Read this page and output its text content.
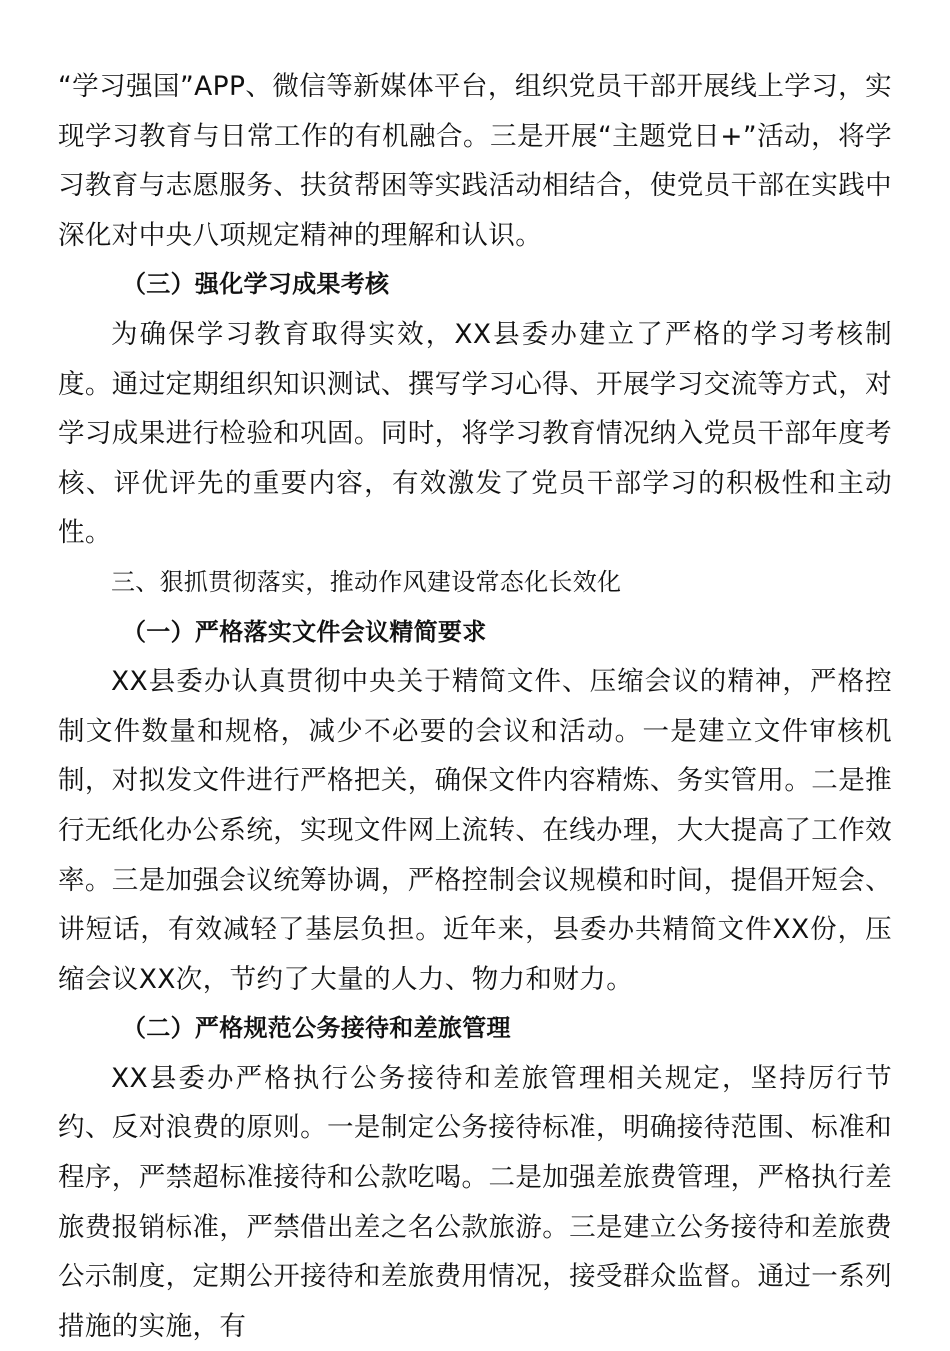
“学习强国”APP、微信等新媒体平台，组织党员干部开展线上学习，实现学习教育与日常工作的有机融合。三是开展“主题党日+”活动，将学习教育与志愿服务、扶贫帮困等实践活动相结合，使党员干部在实践中深化对中央八项规定精神的理解和认识。

（三）强化学习成果考核

为确保学习教育取得实效，XX县委办建立了严格的学习考核制度。通过定期组织知识测试、撰写学习心得、开展学习交流等方式，对学习成果进行检验和巩固。同时，将学习教育情况纳入党员干部年度考核、评优评先的重要内容，有效激发了党员干部学习的积极性和主动性。

三、狠抓贯彻落实，推动作风建设常态化长效化

（一）严格落实文件会议精简要求

XX县委办认真贯彻中央关于精简文件、压缩会议的精神，严格控制文件数量和规格，减少不必要的会议和活动。一是建立文件审核机制，对拟发文件进行严格把关，确保文件内容精炼、务实管用。二是推行无纸化办公系统，实现文件网上流转、在线办理，大大提高了工作效率。三是加强会议统筹协调，严格控制会议规模和时间，提倡开短会、讲短话，有效减轻了基层负担。近年来，县委办共精简文件XX份，压缩会议XX次，节约了大量的人力、物力和财力。

（二）严格规范公务接待和差旅管理

XX县委办严格执行公务接待和差旅管理相关规定，坚持厉行节约、反对浪费的原则。一是制定公务接待标准，明确接待范围、标准和程序，严禁超标准接待和公款吃喝。二是加强差旅费管理，严格执行差旅费报销标准，严禁借出差之名公款旅游。三是建立公务接待和差旅费公示制度，定期公开接待和差旅费用情况，接受群众监督。通过一系列措施的实施，有
